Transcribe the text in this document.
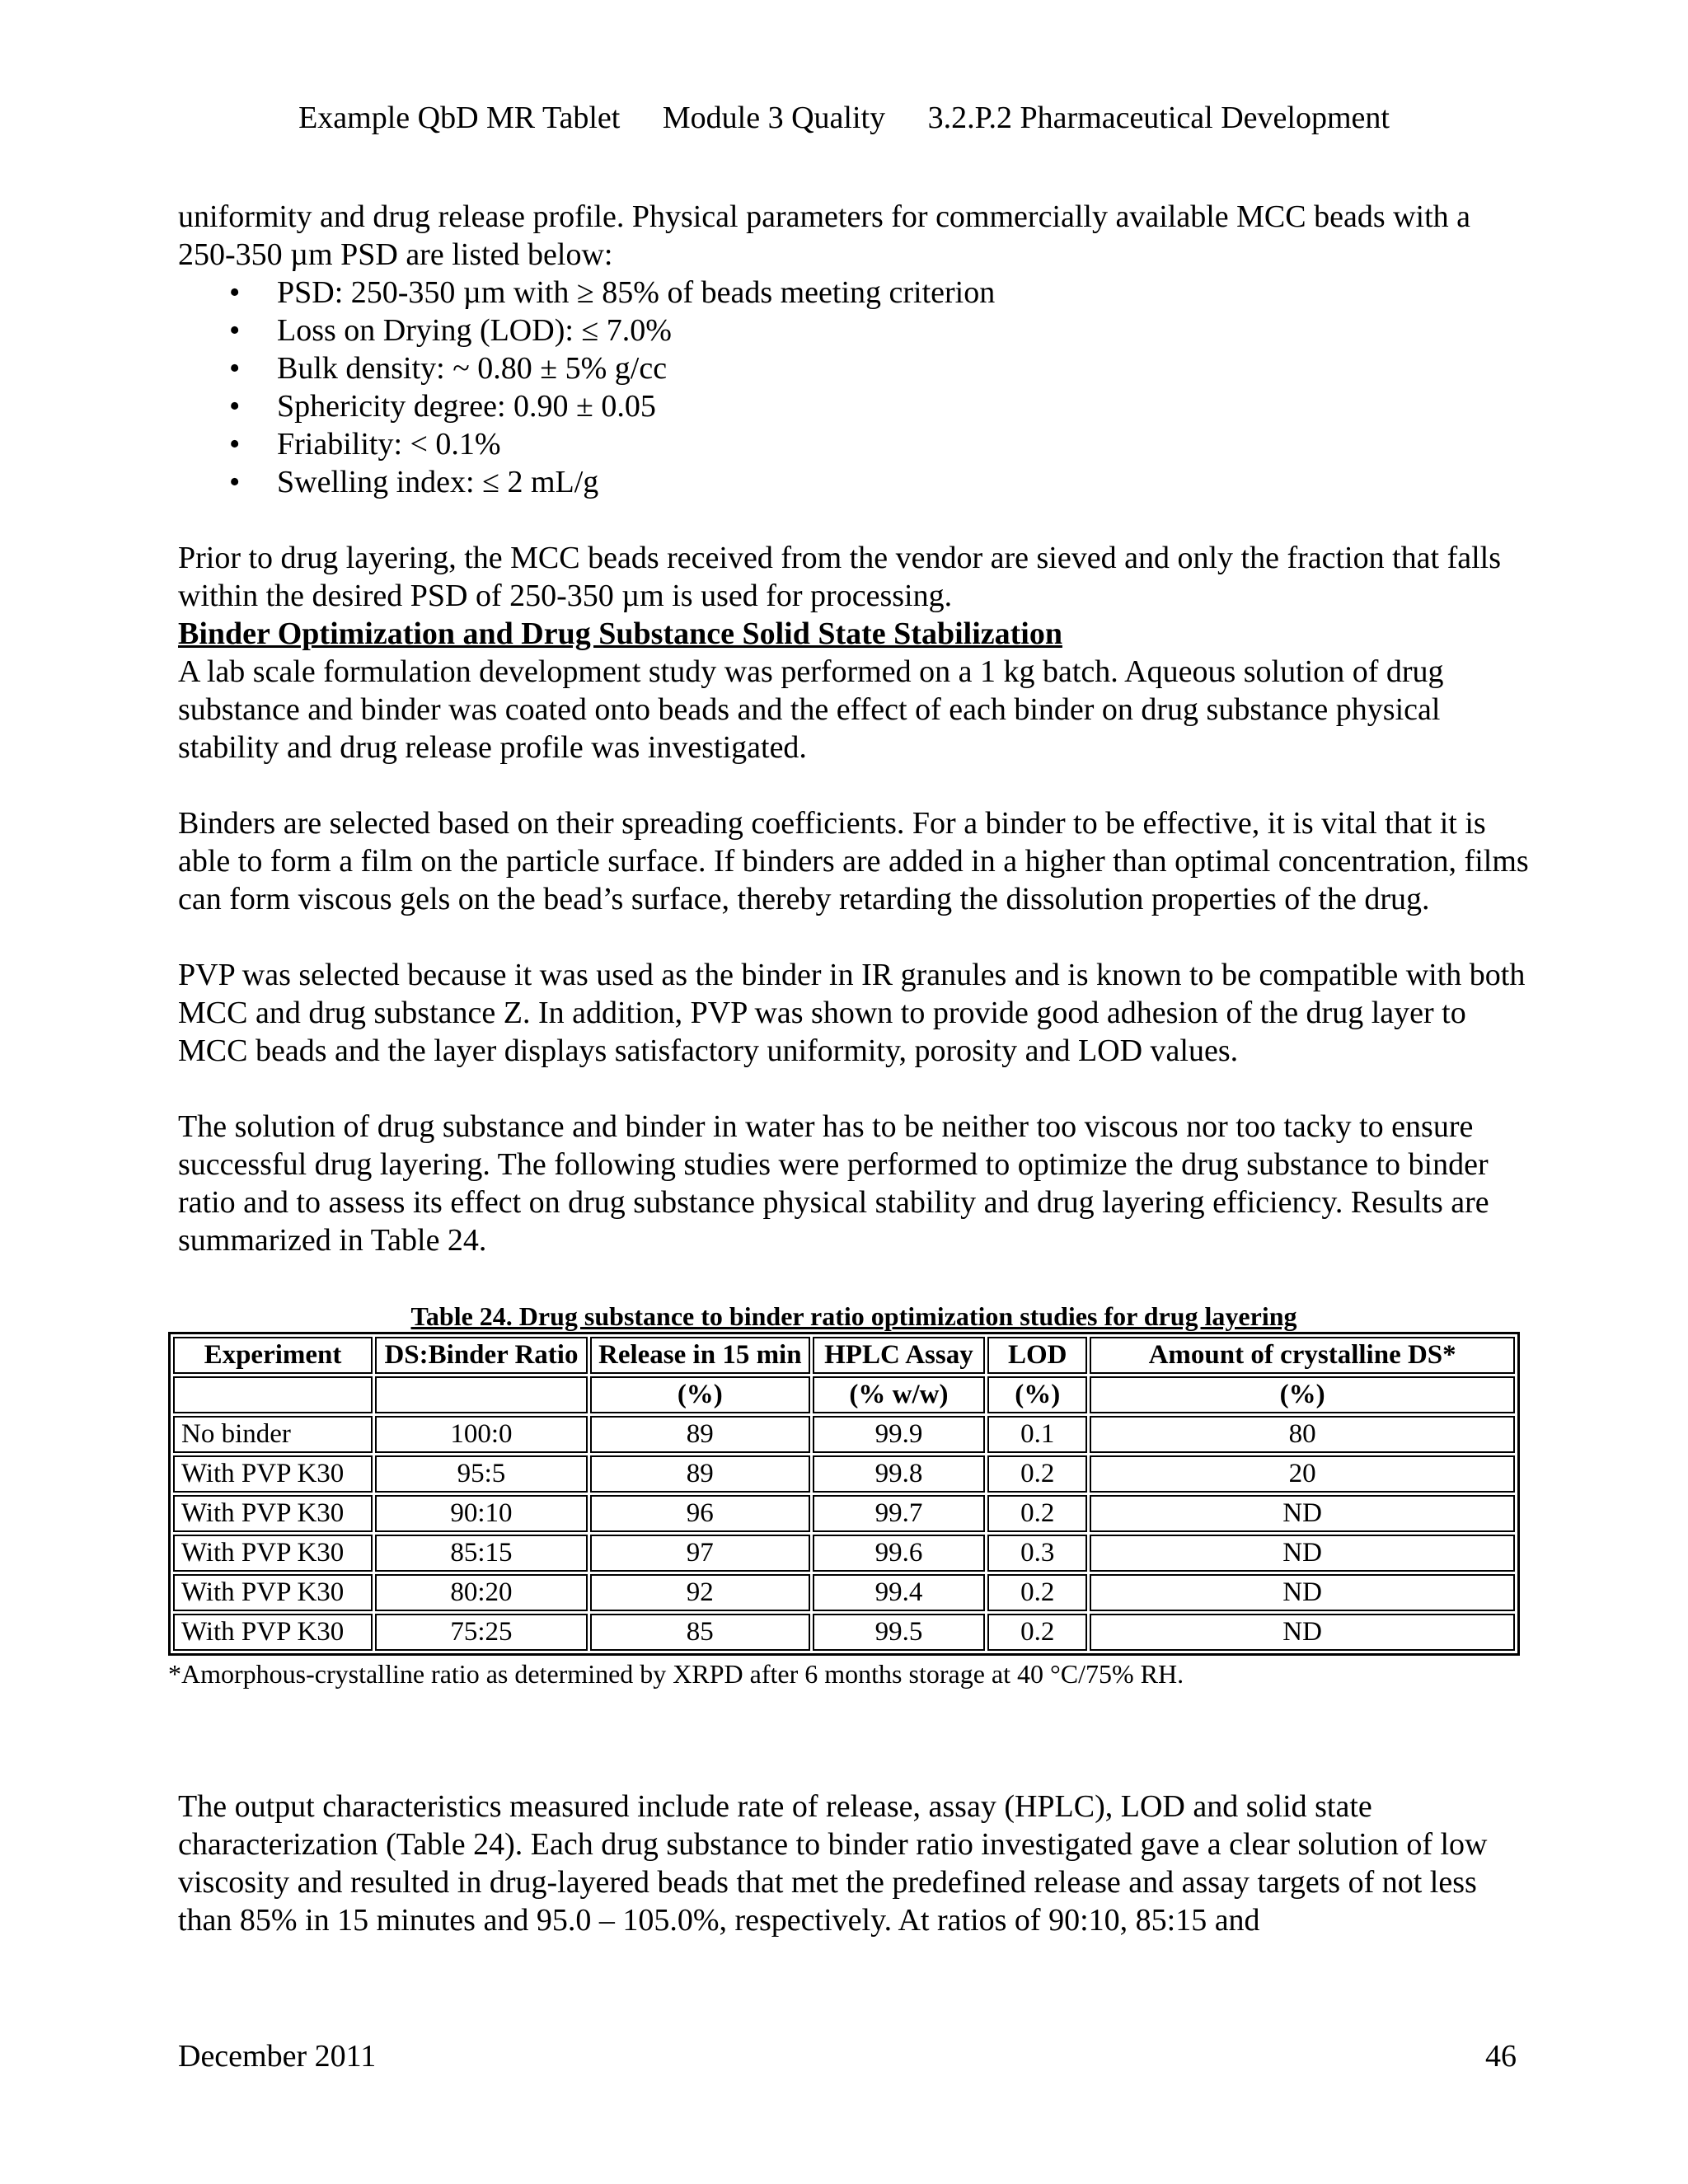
Example QbD MR Tablet Module 3 Quality 3.2.P.2 Pharmaceutical Development

uniformity and drug release profile. Physical parameters for commercially available MCC beads with a 250-350 µm PSD are listed below:

• PSD: 250-350 µm with ≥ 85% of beads meeting criterion
• Loss on Drying (LOD): ≤ 7.0%
• Bulk density: ~ 0.80 ± 5% g/cc
• Sphericity degree: 0.90 ± 0.05
• Friability: < 0.1%
• Swelling index: ≤ 2 mL/g

Prior to drug layering, the MCC beads received from the vendor are sieved and only the fraction that falls within the desired PSD of 250-350 µm is used for processing.

Binder Optimization and Drug Substance Solid State Stabilization

A lab scale formulation development study was performed on a 1 kg batch. Aqueous solution of drug substance and binder was coated onto beads and the effect of each binder on drug substance physical stability and drug release profile was investigated.

Binders are selected based on their spreading coefficients. For a binder to be effective, it is vital that it is able to form a film on the particle surface. If binders are added in a higher than optimal concentration, films can form viscous gels on the bead’s surface, thereby retarding the dissolution properties of the drug.

PVP was selected because it was used as the binder in IR granules and is known to be compatible with both MCC and drug substance Z. In addition, PVP was shown to provide good adhesion of the drug layer to MCC beads and the layer displays satisfactory uniformity, porosity and LOD values.

The solution of drug substance and binder in water has to be neither too viscous nor too tacky to ensure successful drug layering. The following studies were performed to optimize the drug substance to binder ratio and to assess its effect on drug substance physical stability and drug layering efficiency. Results are summarized in Table 24.

Table 24. Drug substance to binder ratio optimization studies for drug layering
Experiment	DS:Binder Ratio	Release in 15 min	HPLC Assay	LOD	Amount of crystalline DS*
		(%)	(% w/w)	(%)	(%)
No binder	100:0	89	99.9	0.1	80
With PVP K30	95:5	89	99.8	0.2	20
With PVP K30	90:10	96	99.7	0.2	ND
With PVP K30	85:15	97	99.6	0.3	ND
With PVP K30	80:20	92	99.4	0.2	ND
With PVP K30	75:25	85	99.5	0.2	ND
*Amorphous-crystalline ratio as determined by XRPD after 6 months storage at 40 °C/75% RH.

The output characteristics measured include rate of release, assay (HPLC), LOD and solid state characterization (Table 24). Each drug substance to binder ratio investigated gave a clear solution of low viscosity and resulted in drug-layered beads that met the predefined release and assay targets of not less than 85% in 15 minutes and 95.0 – 105.0%, respectively. At ratios of 90:10, 85:15 and

December 2011	46
